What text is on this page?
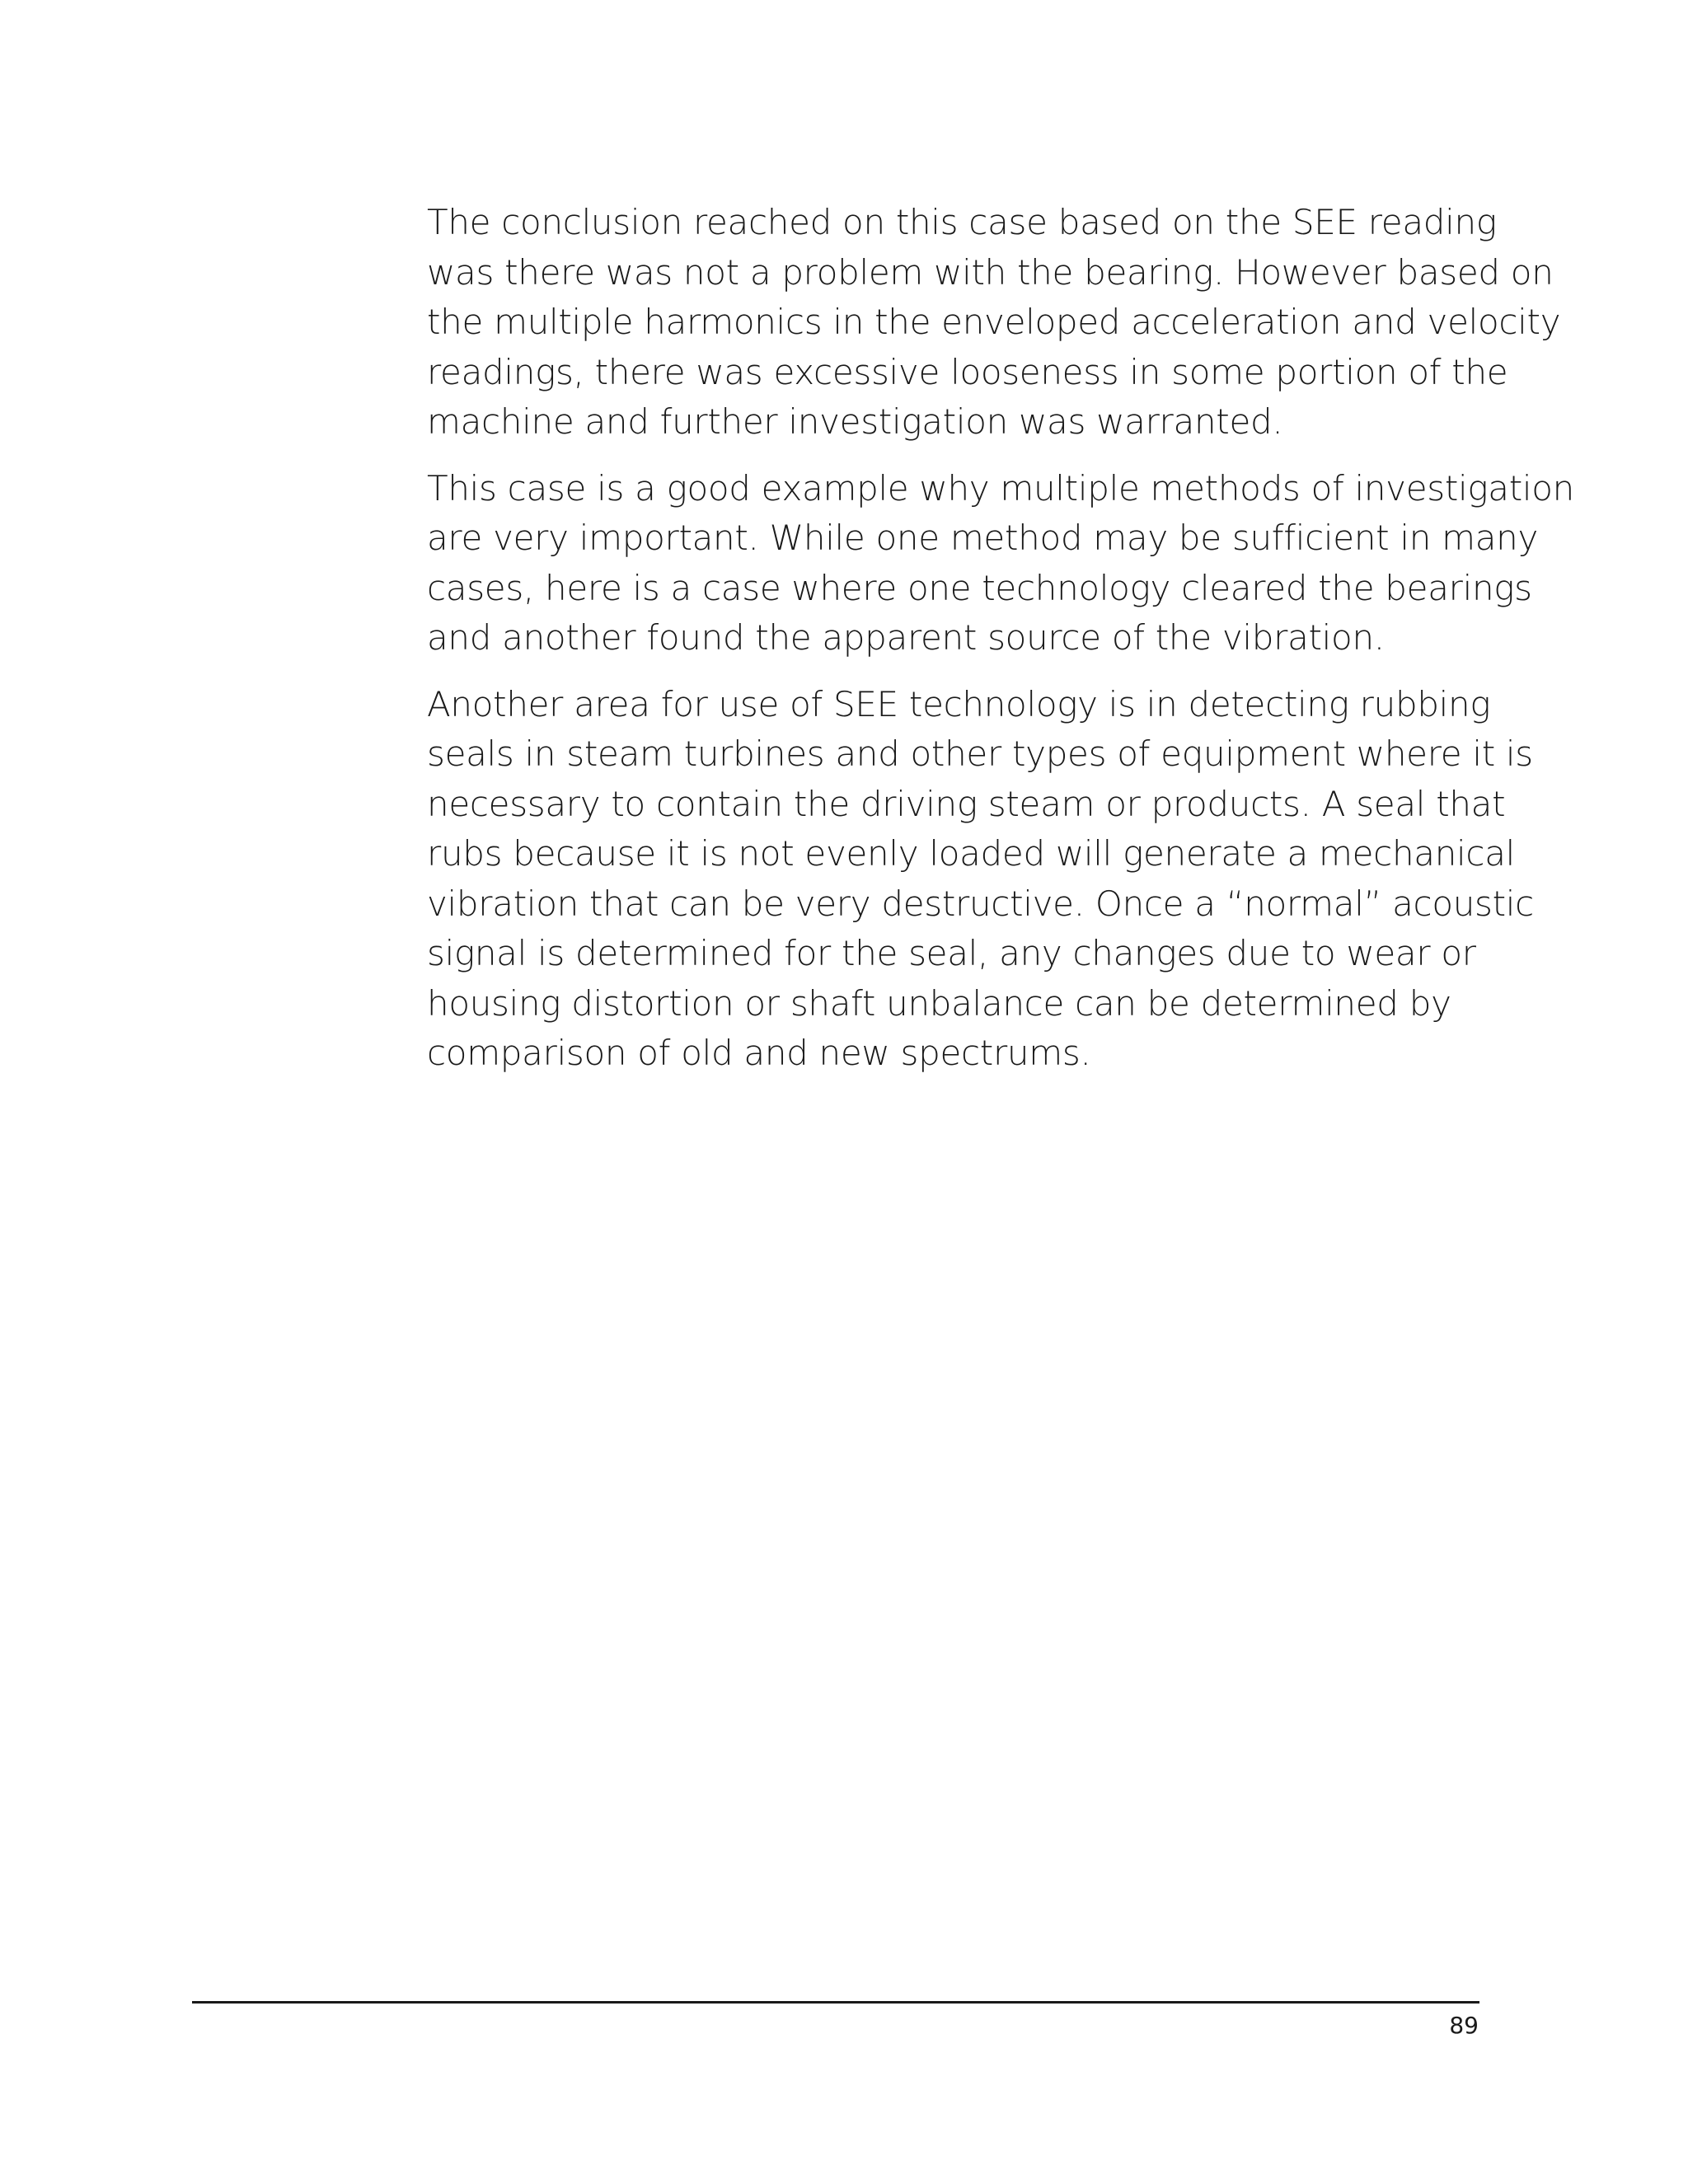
The conclusion reached on this case based on the SEE reading
was there was not a problem with the bearing. However based on
the multiple harmonics in the enveloped acceleration and velocity
readings, there was excessive looseness in some portion of the
machine and further investigation was warranted.

This case is a good example why multiple methods of investigation
are very important. While one method may be sufficient in many
cases, here is a case where one technology cleared the bearings
and another found the apparent source of the vibration.

Another area for use of SEE technology is in detecting rubbing
seals in steam turbines and other types of equipment where it is
necessary to contain the driving steam or products. A seal that
rubs because it is not evenly loaded will generate a mechanical
vibration that can be very destructive. Once a “normal” acoustic
signal is determined for the seal, any changes due to wear or
housing distortion or shaft unbalance can be determined by
comparison of old and new spectrums.

89
